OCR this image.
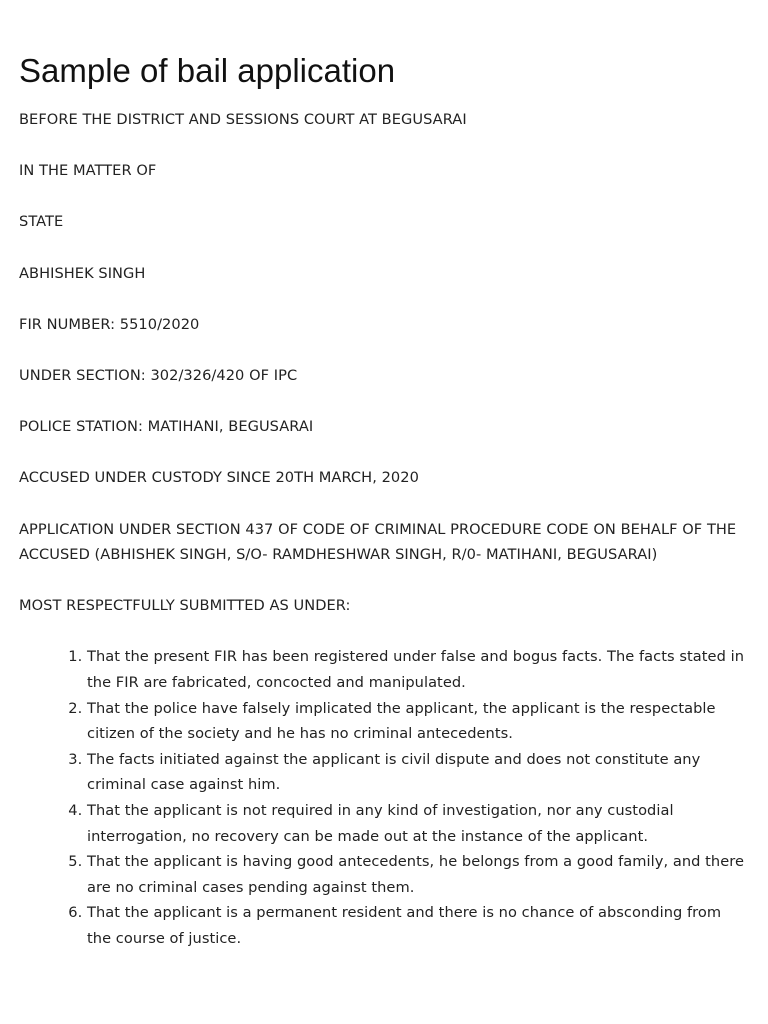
Sample of bail application

BEFORE THE DISTRICT AND SESSIONS COURT AT BEGUSARAI

IN THE MATTER OF

STATE

ABHISHEK SINGH

FIR NUMBER: 5510/2020

UNDER SECTION: 302/326/420 OF IPC

POLICE STATION: MATIHANI, BEGUSARAI

ACCUSED UNDER CUSTODY SINCE 20TH MARCH, 2020

APPLICATION UNDER SECTION 437 OF CODE OF CRIMINAL PROCEDURE CODE ON BEHALF OF THE ACCUSED (ABHISHEK SINGH, S/O- RAMDHESHWAR SINGH, R/0- MATIHANI, BEGUSARAI)

MOST RESPECTFULLY SUBMITTED AS UNDER:

1. That the present FIR has been registered under false and bogus facts. The facts stated in the FIR are fabricated, concocted and manipulated.
2. That the police have falsely implicated the applicant, the applicant is the respectable citizen of the society and he has no criminal antecedents.
3. The facts initiated against the applicant is civil dispute and does not constitute any criminal case against him.
4. That the applicant is not required in any kind of investigation, nor any custodial interrogation, no recovery can be made out at the instance of the applicant.
5. That the applicant is having good antecedents, he belongs from a good family, and there are no criminal cases pending against them.
6. That the applicant is a permanent resident and there is no chance of absconding from the course of justice.
